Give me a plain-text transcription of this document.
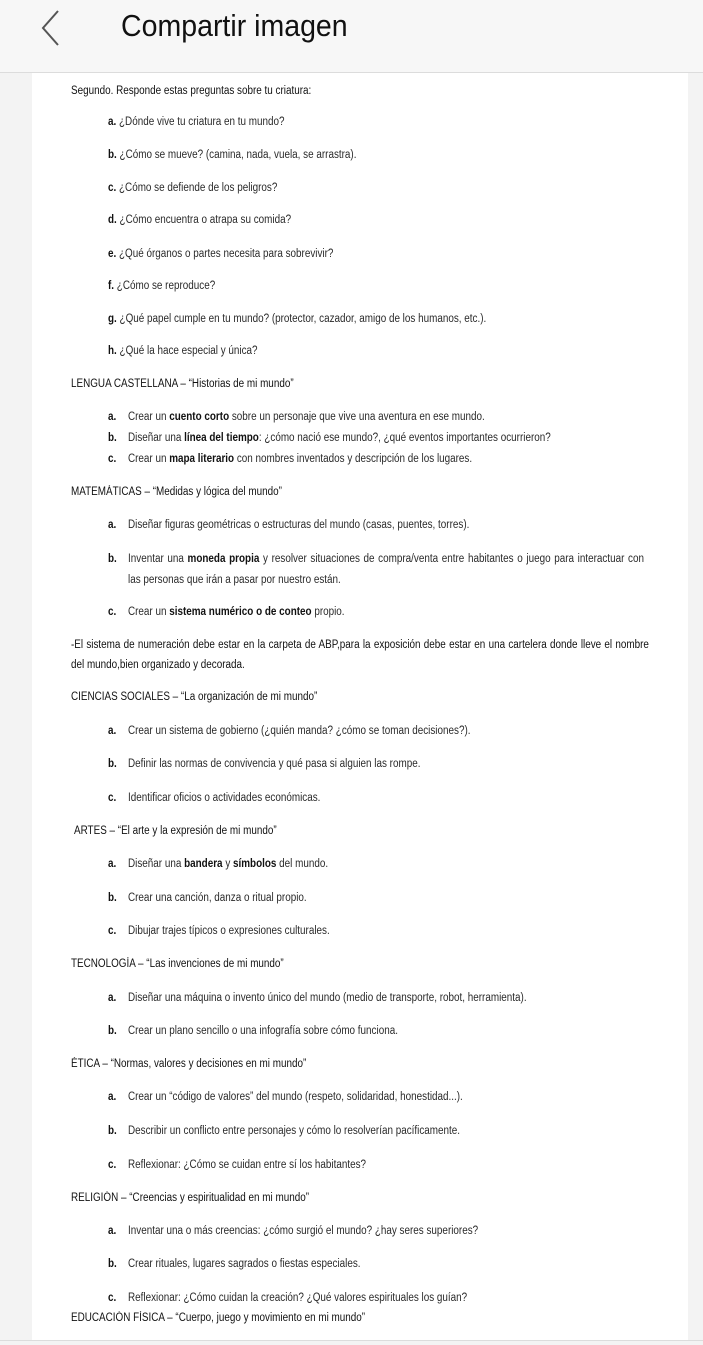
Compartir imagen
Segundo. Responde estas preguntas sobre tu criatura:
a. ¿Dónde vive tu criatura en tu mundo?
b. ¿Cómo se mueve? (camina, nada, vuela, se arrastra).
c. ¿Cómo se defiende de los peligros?
d. ¿Cómo encuentra o atrapa su comida?
e. ¿Qué órganos o partes necesita para sobrevivir?
f. ¿Cómo se reproduce?
g. ¿Qué papel cumple en tu mundo? (protector, cazador, amigo de los humanos, etc.).
h. ¿Qué la hace especial y única?
LENGUA CASTELLANA – “Historias de mi mundo”
a. Crear un cuento corto sobre un personaje que vive una aventura en ese mundo.
b. Diseñar una línea del tiempo: ¿cómo nació ese mundo?, ¿qué eventos importantes ocurrieron?
c. Crear un mapa literario con nombres inventados y descripción de los lugares.
MATEMÁTICAS – “Medidas y lógica del mundo”
a. Diseñar figuras geométricas o estructuras del mundo (casas, puentes, torres).
b. Inventar una moneda propia y resolver situaciones de compra/venta entre habitantes o juego para interactuar con las personas que irán a pasar por nuestro están.
c. Crear un sistema numérico o de conteo propio.
-El sistema de numeración debe estar en la carpeta de ABP,para la exposición debe estar en una cartelera donde lleve el nombre del mundo,bien organizado y decorada.
CIENCIAS SOCIALES – “La organización de mi mundo”
a. Crear un sistema de gobierno (¿quién manda? ¿cómo se toman decisiones?).
b. Definir las normas de convivencia y qué pasa si alguien las rompe.
c. Identificar oficios o actividades económicas.
ARTES – “El arte y la expresión de mi mundo”
a. Diseñar una bandera y símbolos del mundo.
b. Crear una canción, danza o ritual propio.
c. Dibujar trajes típicos o expresiones culturales.
TECNOLOGÍA – “Las invenciones de mi mundo”
a. Diseñar una máquina o invento único del mundo (medio de transporte, robot, herramienta).
b. Crear un plano sencillo o una infografía sobre cómo funciona.
ÉTICA – “Normas, valores y decisiones en mi mundo”
a. Crear un “código de valores” del mundo (respeto, solidaridad, honestidad...).
b. Describir un conflicto entre personajes y cómo lo resolverían pacíficamente.
c. Reflexionar: ¿Cómo se cuidan entre sí los habitantes?
RELIGIÓN – “Creencias y espiritualidad en mi mundo”
a. Inventar una o más creencias: ¿cómo surgió el mundo? ¿hay seres superiores?
b. Crear rituales, lugares sagrados o fiestas especiales.
c. Reflexionar: ¿Cómo cuidan la creación? ¿Qué valores espirituales los guían?
EDUCACIÓN FÍSICA – “Cuerpo, juego y movimiento en mi mundo”
